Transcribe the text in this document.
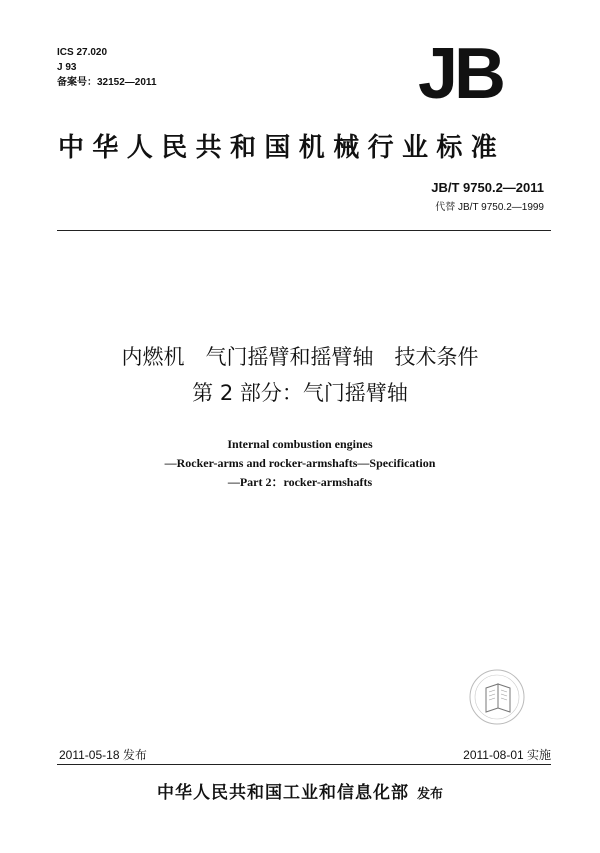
ICS 27.020
J 93
备案号：32152—2011	JB
中华人民共和国机械行业标准
JB/T 9750.2—2011
代替 JB/T 9750.2—1999
内燃机　气门摇臂和摇臂轴　技术条件
第 2 部分：气门摇臂轴
Internal combustion engines
—Rocker-arms and rocker-armshafts—Specification
—Part 2：rocker-armshafts
2011-05-18 发布	2011-08-01 实施
中华人民共和国工业和信息化部 发布
